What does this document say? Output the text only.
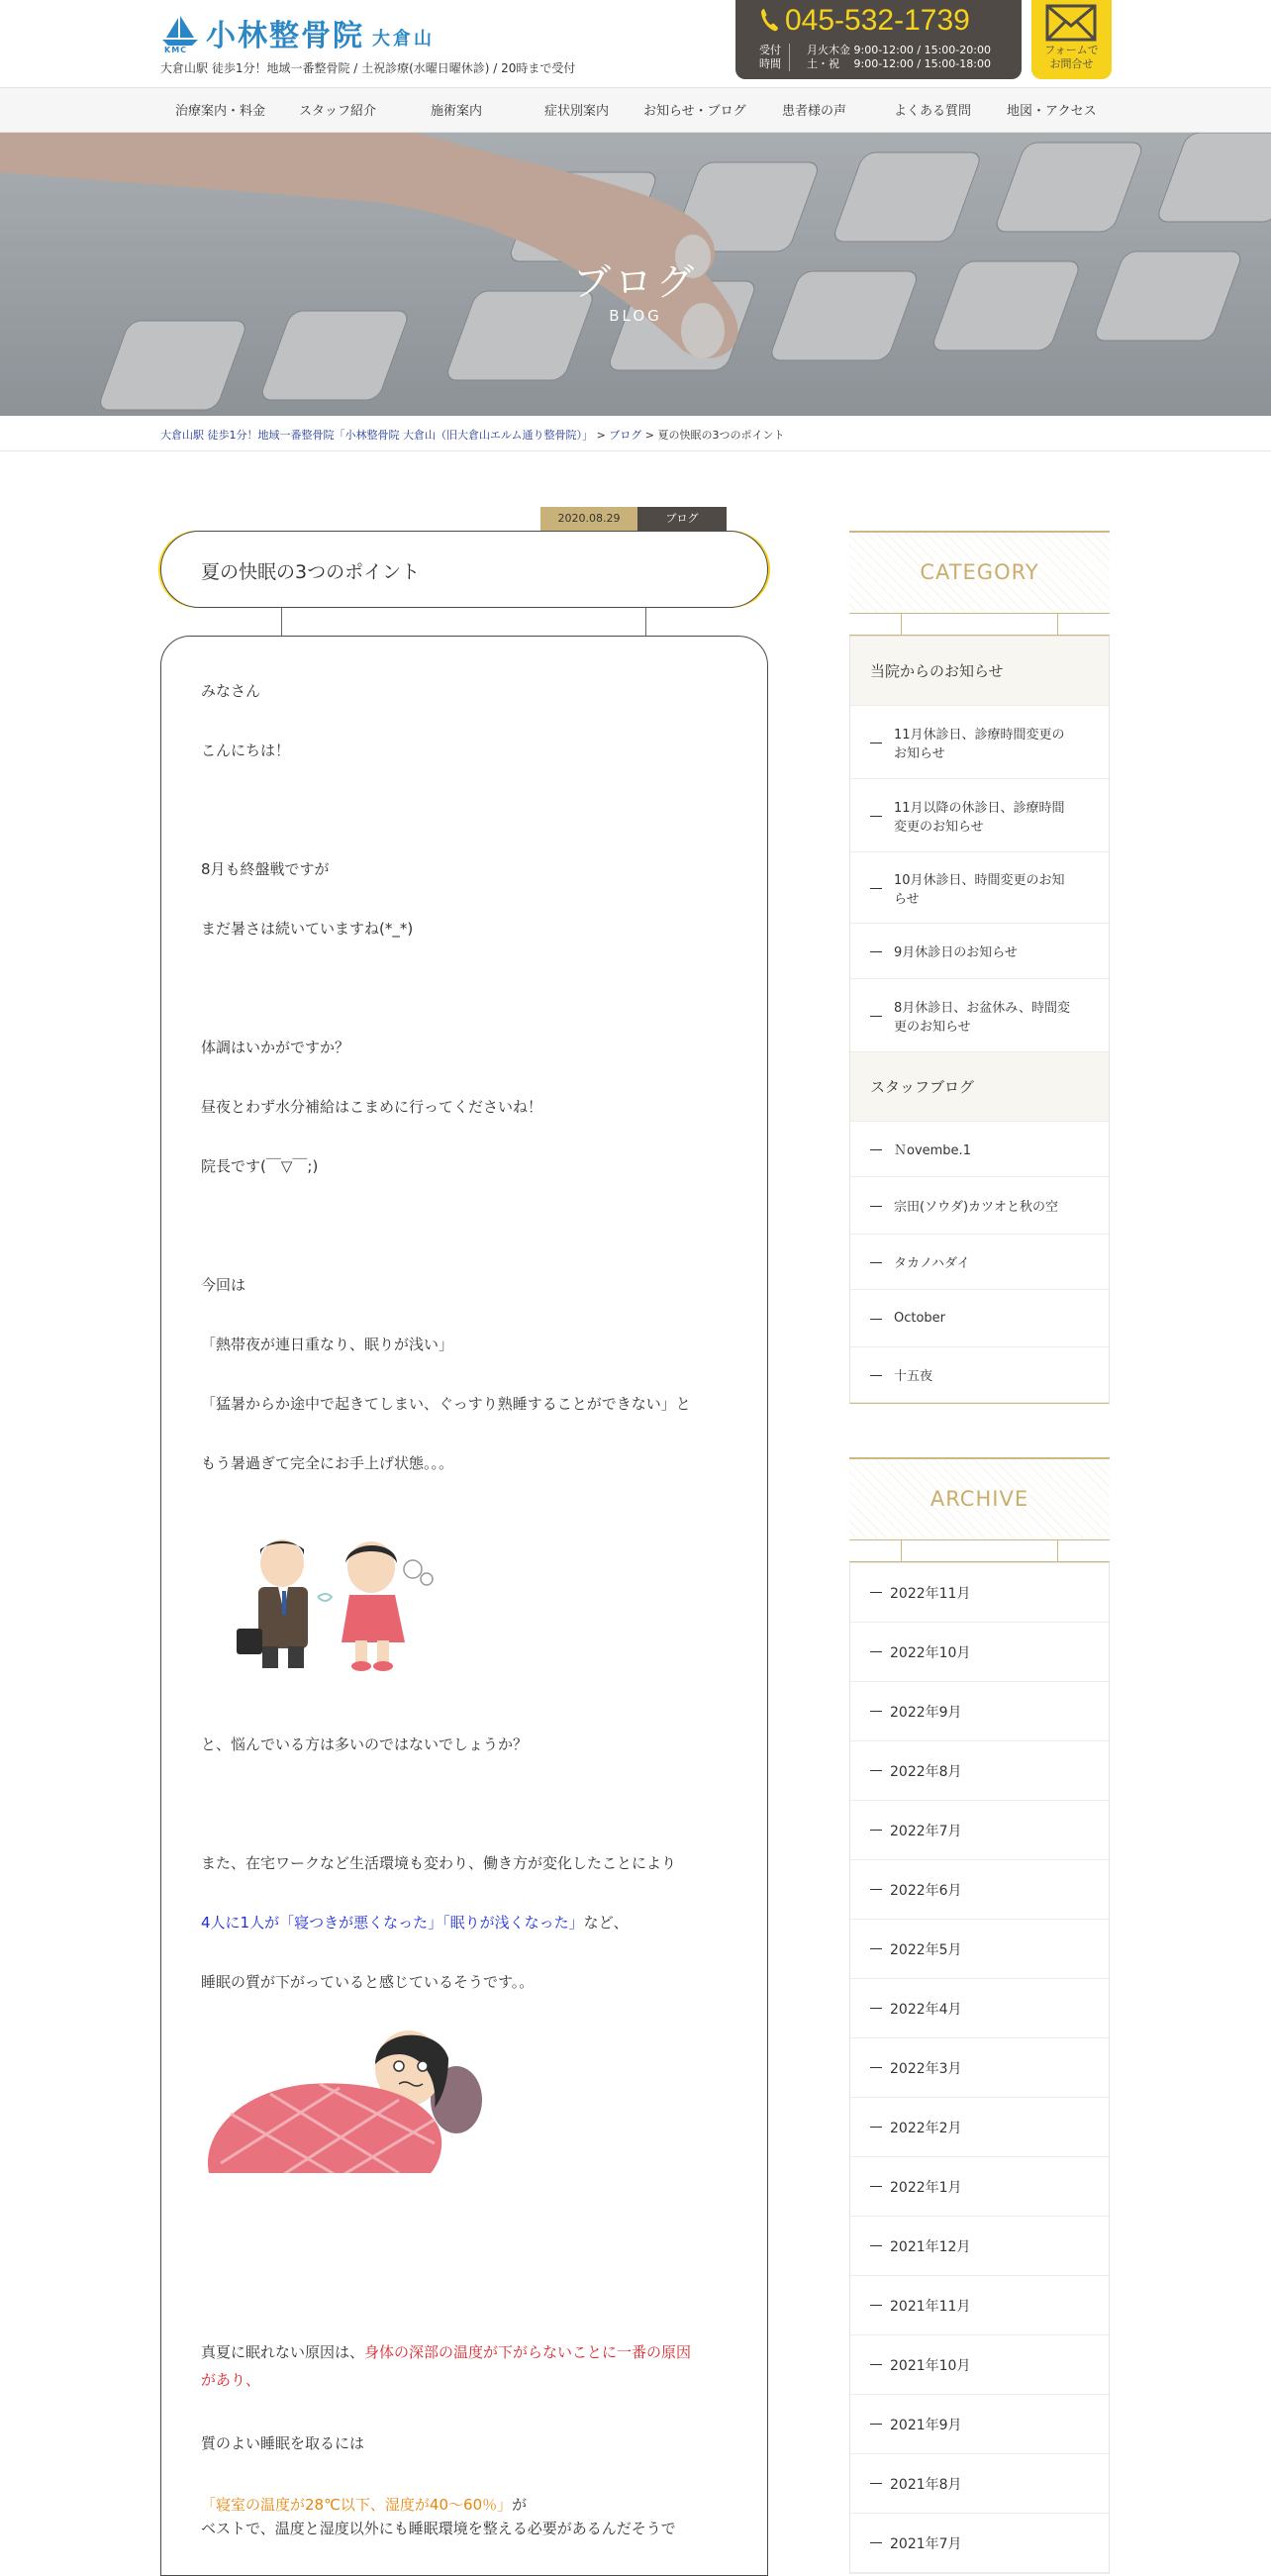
KMC 小林整骨院 大倉山
大倉山駅 徒歩1分！地域一番整骨院 / 土祝診療(水曜日曜休診) / 20時まで受付
045-532-1739
受付
時間
月火木金 9:00-12:00 / 15:00-20:00
土・祝　 9:00-12:00 / 15:00-18:00
フォームで
お問合せ
治療案内・料金	スタッフ紹介	施術案内	症状別案内	お知らせ・ブログ	患者様の声	よくある質問	地図・アクセス
ブログ
BLOG
大倉山駅 徒歩1分！地域一番整骨院「小林整骨院 大倉山（旧大倉山エルム通り整骨院）」 > ブログ > 夏の快眠の3つのポイント
2020.08.29	ブログ
夏の快眠の3つのポイント
みなさん
こんにちは！
8月も終盤戦ですが
まだ暑さは続いていますね(*_*)
体調はいかがですか？
昼夜とわず水分補給はこまめに行ってくださいね！
院長です(￣▽￣;)
今回は
「熱帯夜が連日重なり、眠りが浅い」
「猛暑からか途中で起きてしまい、ぐっすり熟睡することができない」と
もう暑過ぎて完全にお手上げ状態。。。
と、悩んでいる方は多いのではないでしょうか？
また、在宅ワークなど生活環境も変わり、働き方が変化したことにより
4人に1人が「寝つきが悪くなった」「眠りが浅くなった」など、
睡眠の質が下がっていると感じているそうです。。
真夏に眠れない原因は、身体の深部の温度が下がらないことに一番の原因
があり、
質のよい睡眠を取るには
「寝室の温度が28℃以下、湿度が40～60％」が
ベストで、温度と湿度以外にも睡眠環境を整える必要があるんだそうで
CATEGORY
当院からのお知らせ
11月休診日、診療時間変更の
お知らせ
11月以降の休診日、診療時間
変更のお知らせ
10月休診日、時間変更のお知
らせ
9月休診日のお知らせ
8月休診日、お盆休み、時間変
更のお知らせ
スタッフブログ
Ｎovembe.1
宗田(ソウダ)カツオと秋の空
タカノハダイ
October
十五夜
ARCHIVE
2022年11月
2022年10月
2022年9月
2022年8月
2022年7月
2022年6月
2022年5月
2022年4月
2022年3月
2022年2月
2022年1月
2021年12月
2021年11月
2021年10月
2021年9月
2021年8月
2021年7月
